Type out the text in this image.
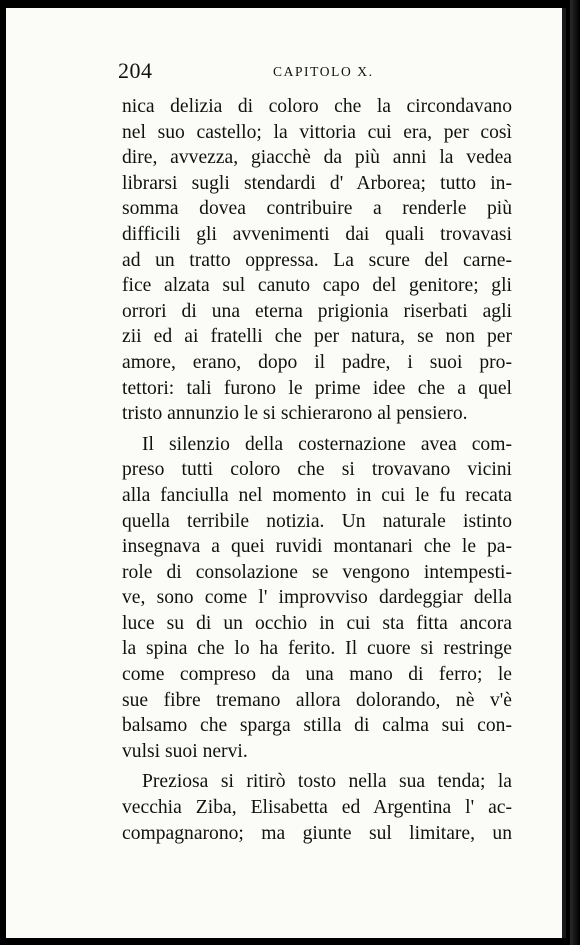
204	CAPITOLO X.
nica delizia di coloro che la circondavano
nel suo castello; la vittoria cui era, per così
dire, avvezza, giacchè da più anni la vedea
librarsi sugli stendardi d' Arborea; tutto in-
somma dovea contribuire a renderle più
difficili gli avvenimenti dai quali trovavasi
ad un tratto oppressa. La scure del carne-
fice alzata sul canuto capo del genitore; gli
orrori di una eterna prigionia riserbati agli
zii ed ai fratelli che per natura, se non per
amore, erano, dopo il padre, i suoi pro-
tettori: tali furono le prime idee che a quel
tristo annunzio le si schierarono al pensiero.
Il silenzio della costernazione avea com-
preso tutti coloro che si trovavano vicini
alla fanciulla nel momento in cui le fu recata
quella terribile notizia. Un naturale istinto
insegnava a quei ruvidi montanari che le pa-
role di consolazione se vengono intempesti-
ve, sono come l' improvviso dardeggiar della
luce su di un occhio in cui sta fitta ancora
la spina che lo ha ferito. Il cuore si restringe
come compreso da una mano di ferro; le
sue fibre tremano allora dolorando, nè v'è
balsamo che sparga stilla di calma sui con-
vulsi suoi nervi.
Preziosa si ritirò tosto nella sua tenda; la
vecchia Ziba, Elisabetta ed Argentina l' ac-
compagnarono; ma giunte sul limitare, un
